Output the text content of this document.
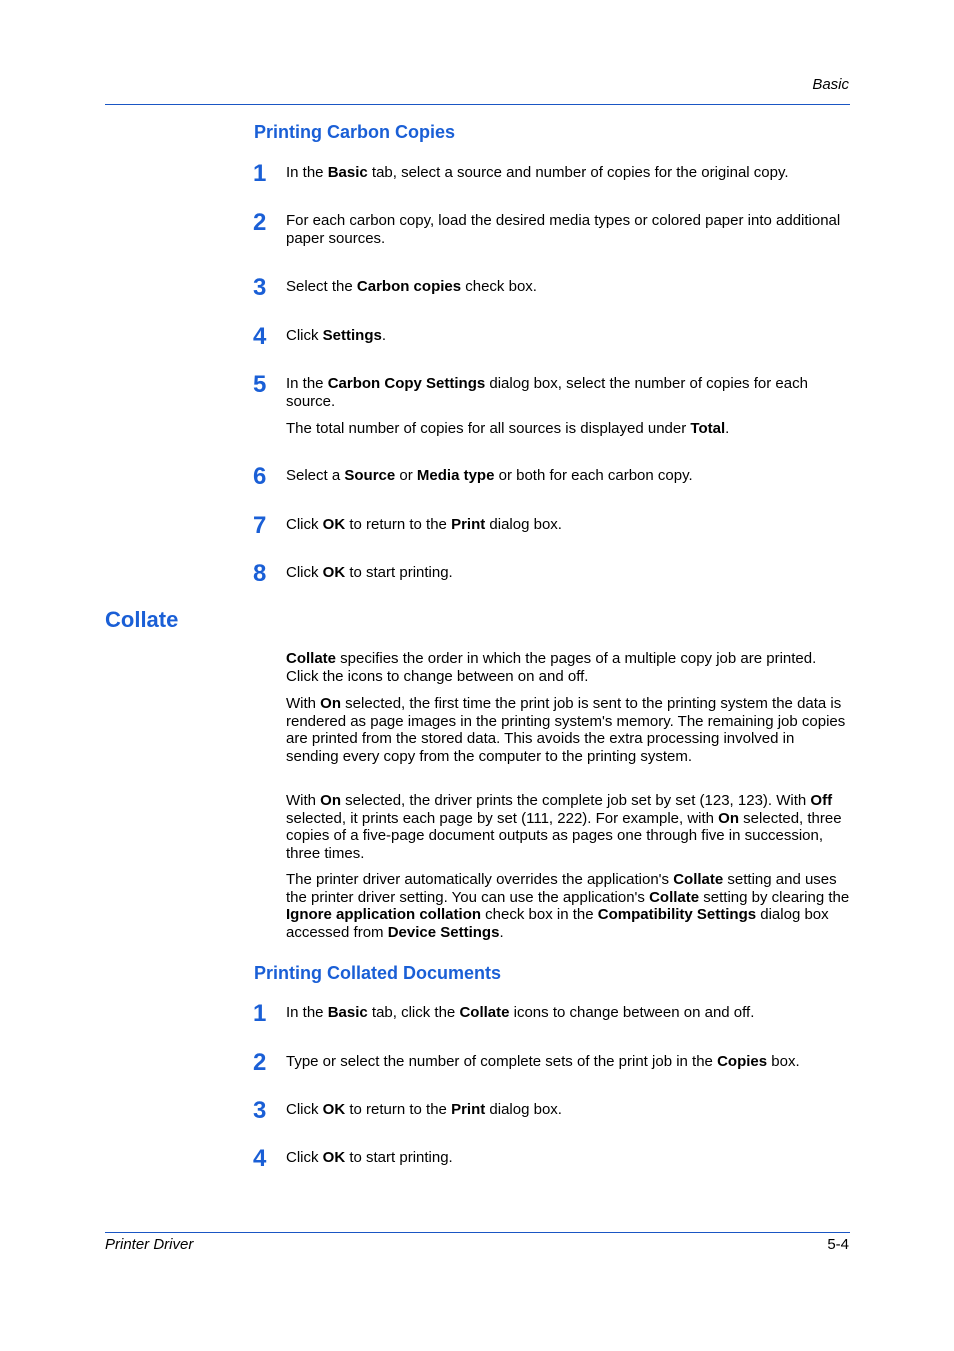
Basic
Printing Carbon Copies
1 In the Basic tab, select a source and number of copies for the original copy.
2 For each carbon copy, load the desired media types or colored paper into additional paper sources.
3 Select the Carbon copies check box.
4 Click Settings.
5 In the Carbon Copy Settings dialog box, select the number of copies for each source.
The total number of copies for all sources is displayed under Total.
6 Select a Source or Media type or both for each carbon copy.
7 Click OK to return to the Print dialog box.
8 Click OK to start printing.
Collate
Collate specifies the order in which the pages of a multiple copy job are printed. Click the icons to change between on and off.
With On selected, the first time the print job is sent to the printing system the data is rendered as page images in the printing system's memory. The remaining job copies are printed from the stored data. This avoids the extra processing involved in sending every copy from the computer to the printing system.
With On selected, the driver prints the complete job set by set (123, 123). With Off selected, it prints each page by set (111, 222). For example, with On selected, three copies of a five-page document outputs as pages one through five in succession, three times.
The printer driver automatically overrides the application's Collate setting and uses the printer driver setting. You can use the application's Collate setting by clearing the Ignore application collation check box in the Compatibility Settings dialog box accessed from Device Settings.
Printing Collated Documents
1 In the Basic tab, click the Collate icons to change between on and off.
2 Type or select the number of complete sets of the print job in the Copies box.
3 Click OK to return to the Print dialog box.
4 Click OK to start printing.
Printer Driver	5-4
